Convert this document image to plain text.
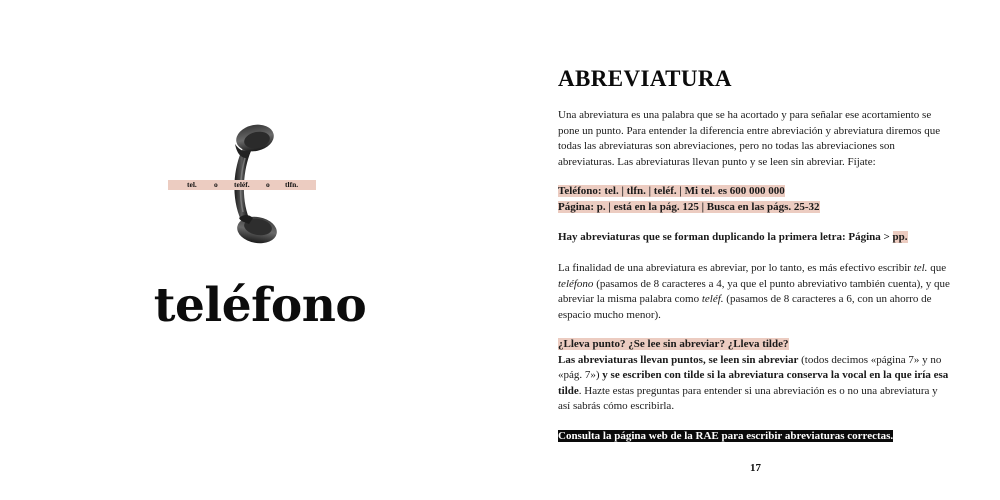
tel. o teléf. o tlfn.
teléfono
ABREVIATURA

Una abreviatura es una palabra que se ha acortado y para señalar ese acortamiento se pone un punto. Para entender la diferencia entre abreviación y abreviatura diremos que todas las abreviaturas son abreviaciones, pero no todas las abreviaciones son abreviaturas. Las abreviaturas llevan punto y se leen sin abreviar. Fíjate:

Teléfono: tel. | tlfn. | teléf. | Mi tel. es 600 000 000
Página: p. | está en la pág. 125 | Busca en las págs. 25-32

Hay abreviaturas que se forman duplicando la primera letra: Página > pp.

La finalidad de una abreviatura es abreviar, por lo tanto, es más efectivo escribir tel. que teléfono (pasamos de 8 caracteres a 4, ya que el punto abreviativo también cuenta), y que abreviar la misma palabra como teléf. (pasamos de 8 caracteres a 6, con un ahorro de espacio mucho menor).

¿Lleva punto? ¿Se lee sin abreviar? ¿Lleva tilde?
Las abreviaturas llevan puntos, se leen sin abreviar (todos decimos «página 7» y no «pág. 7») y se escriben con tilde si la abreviatura conserva la vocal en la que iría esa tilde. Hazte estas preguntas para entender si una abreviación es o no una abreviatura y así sabrás cómo escribirla.

Consulta la página web de la RAE para escribir abreviaturas correctas.

17
